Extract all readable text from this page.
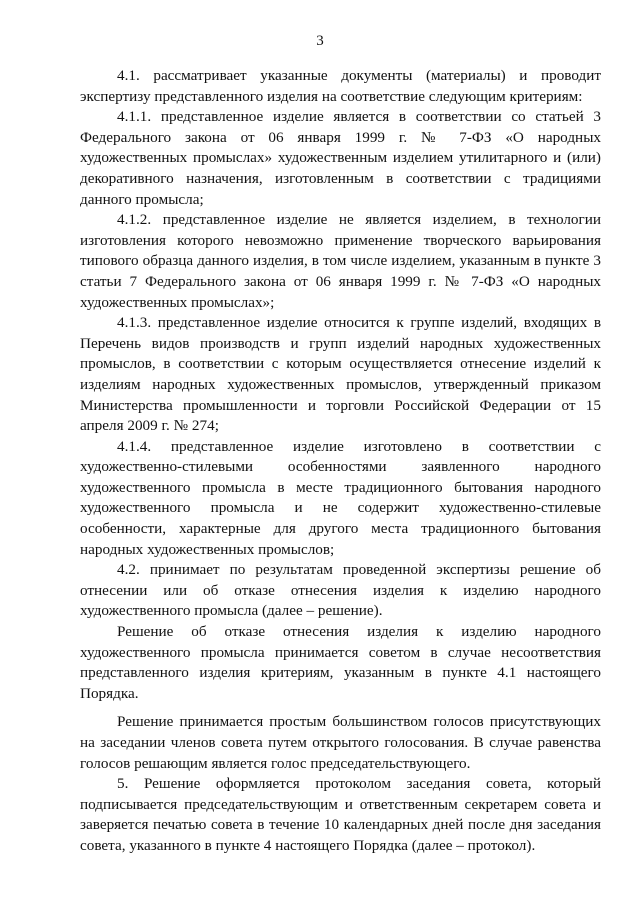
3

4.1. рассматривает указанные документы (материалы) и проводит экспертизу представленного изделия на соответствие следующим критериям:

4.1.1. представленное изделие является в соответствии со статьей 3 Федерального закона от 06 января 1999 г. № 7-ФЗ «О народных художественных промыслах» художественным изделием утилитарного и (или) декоративного назначения, изготовленным в соответствии с традициями данного промысла;

4.1.2. представленное изделие не является изделием, в технологии изготовления которого невозможно применение творческого варьирования типового образца данного изделия, в том числе изделием, указанным в пункте 3 статьи 7 Федерального закона от 06 января 1999 г. № 7-ФЗ «О народных художественных промыслах»;

4.1.3. представленное изделие относится к группе изделий, входящих в Перечень видов производств и групп изделий народных художественных промыслов, в соответствии с которым осуществляется отнесение изделий к изделиям народных художественных промыслов, утвержденный приказом Министерства промышленности и торговли Российской Федерации от 15 апреля 2009 г. № 274;

4.1.4. представленное изделие изготовлено в соответствии с художественно-стилевыми особенностями заявленного народного художественного промысла в месте традиционного бытования народного художественного промысла и не содержит художественно-стилевые особенности, характерные для другого места традиционного бытования народных художественных промыслов;

4.2. принимает по результатам проведенной экспертизы решение об отнесении или об отказе отнесения изделия к изделию народного художественного промысла (далее – решение).

Решение об отказе отнесения изделия к изделию народного художественного промысла принимается советом в случае несоответствия представленного изделия критериям, указанным в пункте 4.1 настоящего Порядка.

Решение принимается простым большинством голосов присутствующих на заседании членов совета путем открытого голосования. В случае равенства голосов решающим является голос председательствующего.

5. Решение оформляется протоколом заседания совета, который подписывается председательствующим и ответственным секретарем совета и заверяется печатью совета в течение 10 календарных дней после дня заседания совета, указанного в пункте 4 настоящего Порядка (далее – протокол).
